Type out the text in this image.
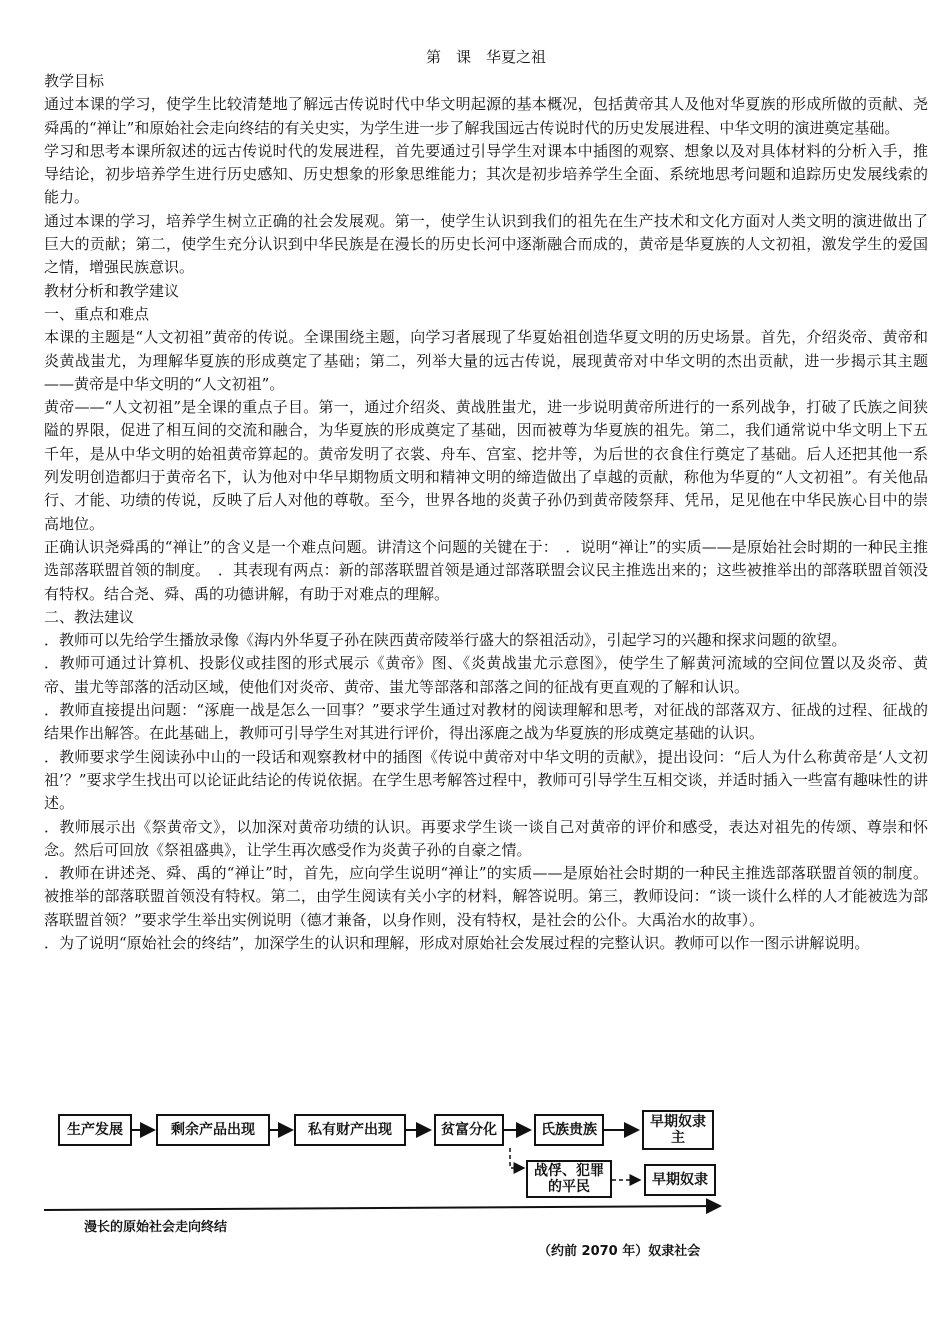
第　课　华夏之祖
教学目标
通过本课的学习，使学生比较清楚地了解远古传说时代中华文明起源的基本概况，包括黄帝其人及他对华夏族的形成所做的贡献、尧舜禹的“禅让”和原始社会走向终结的有关史实，为学生进一步了解我国远古传说时代的历史发展进程、中华文明的演进奠定基础。
学习和思考本课所叙述的远古传说时代的发展进程，首先要通过引导学生对课本中插图的观察、想象以及对具体材料的分析入手，推导结论，初步培养学生进行历史感知、历史想象的形象思维能力；其次是初步培养学生全面、系统地思考问题和追踪历史发展线索的能力。
通过本课的学习，培养学生树立正确的社会发展观。第一，使学生认识到我们的祖先在生产技术和文化方面对人类文明的演进做出了巨大的贡献；第二，使学生充分认识到中华民族是在漫长的历史长河中逐渐融合而成的，黄帝是华夏族的人文初祖，激发学生的爱国之情，增强民族意识。
教材分析和教学建议
一、重点和难点
本课的主题是“人文初祖”黄帝的传说。全课围绕主题，向学习者展现了华夏始祖创造华夏文明的历史场景。首先，介绍炎帝、黄帝和炎黄战蚩尤，为理解华夏族的形成奠定了基础；第二，列举大量的远古传说，展现黄帝对中华文明的杰出贡献，进一步揭示其主题——黄帝是中华文明的“人文初祖”。
黄帝——“人文初祖”是全课的重点子目。第一，通过介绍炎、黄战胜蚩尤，进一步说明黄帝所进行的一系列战争，打破了氏族之间狭隘的界限，促进了相互间的交流和融合，为华夏族的形成奠定了基础，因而被尊为华夏族的祖先。第二，我们通常说中华文明上下五千年，是从中华文明的始祖黄帝算起的。黄帝发明了衣裳、舟车、宫室、挖井等，为后世的衣食住行奠定了基础。后人还把其他一系列发明创造都归于黄帝名下，认为他对中华早期物质文明和精神文明的缔造做出了卓越的贡献，称他为华夏的“人文初祖”。有关他品行、才能、功绩的传说，反映了后人对他的尊敬。至今，世界各地的炎黄子孙仍到黄帝陵祭拜、凭吊，足见他在中华民族心目中的崇高地位。
正确认识尧舜禹的“禅让”的含义是一个难点问题。讲清这个问题的关键在于：　．说明“禅让”的实质——是原始社会时期的一种民主推选部落联盟首领的制度。　．其表现有两点：新的部落联盟首领是通过部落联盟会议民主推选出来的；这些被推举出的部落联盟首领没有特权。结合尧、舜、禹的功德讲解，有助于对难点的理解。
二、教法建议
．教师可以先给学生播放录像《海内外华夏子孙在陕西黄帝陵举行盛大的祭祖活动》，引起学习的兴趣和探求问题的欲望。
．教师可通过计算机、投影仪或挂图的形式展示《黄帝》图、《炎黄战蚩尤示意图》，使学生了解黄河流域的空间位置以及炎帝、黄帝、蚩尤等部落的活动区域，使他们对炎帝、黄帝、蚩尤等部落和部落之间的征战有更直观的了解和认识。
．教师直接提出问题：“涿鹿一战是怎么一回事？”要求学生通过对教材的阅读理解和思考，对征战的部落双方、征战的过程、征战的结果作出解答。在此基础上，教师可引导学生对其进行评价，得出涿鹿之战为华夏族的形成奠定基础的认识。
．教师要求学生阅读孙中山的一段话和观察教材中的插图《传说中黄帝对中华文明的贡献》，提出设问：“后人为什么称黄帝是‘人文初祖’？”要求学生找出可以论证此结论的传说依据。在学生思考解答过程中，教师可引导学生互相交谈，并适时插入一些富有趣味性的讲述。
．教师展示出《祭黄帝文》，以加深对黄帝功绩的认识。再要求学生谈一谈自己对黄帝的评价和感受，表达对祖先的传颂、尊崇和怀念。然后可回放《祭祖盛典》，让学生再次感受作为炎黄子孙的自豪之情。
．教师在讲述尧、舜、禹的“禅让”时，首先，应向学生说明“禅让”的实质——是原始社会时期的一种民主推选部落联盟首领的制度。被推举的部落联盟首领没有特权。第二，由学生阅读有关小字的材料，解答说明。第三，教师设问：“谈一谈什么样的人才能被选为部落联盟首领？”要求学生举出实例说明（德才兼备，以身作则，没有特权，是社会的公仆。大禹治水的故事）。
．为了说明“原始社会的终结”，加深学生的认识和理解，形成对原始社会发展过程的完整认识。教师可以作一图示讲解说明。
生产发展	剩余产品出现	私有财产出现	贫富分化	氏族贵族	早期奴隶主
战俘、犯罪的平民	早期奴隶
漫长的原始社会走向终结
（约前 2070 年）奴隶社会
